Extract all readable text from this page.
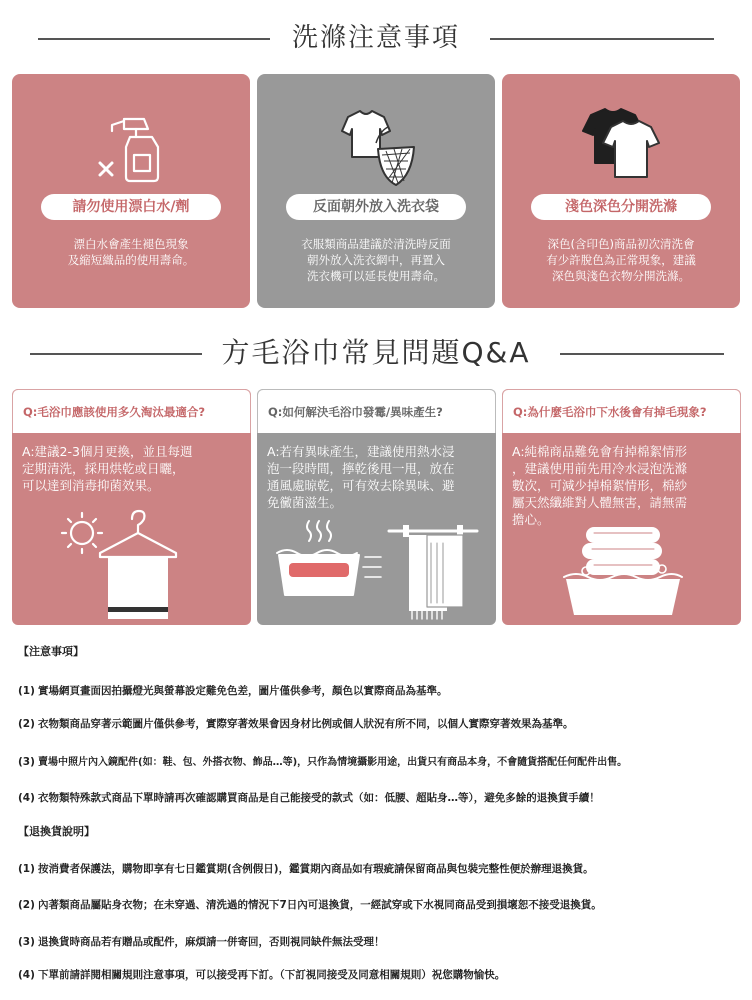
洗滌注意事項
請勿使用漂白水/劑
漂白水會產生褪色現象
及縮短織品的使用壽命。
反面朝外放入洗衣袋
衣服類商品建議於清洗時反面
朝外放入洗衣網中，再置入
洗衣機可以延長使用壽命。
淺色深色分開洗滌
深色(含印色)商品初次清洗會
有少許脫色為正常現象，建議
深色與淺色衣物分開洗滌。
方毛浴巾常見問題Q&A
Q:毛浴巾應該使用多久淘汰最適合?
A:建議2-3個月更換，並且每週
定期清洗，採用烘乾或日曬，
可以達到消毒抑菌效果。
Q:如何解決毛浴巾發霉/異味產生?
A:若有異味產生，建議使用熱水浸
泡一段時間，擰乾後甩一甩，放在
通風處晾乾，可有效去除異味、避
免黴菌滋生。
Q:為什麼毛浴巾下水後會有掉毛現象?
A:純棉商品難免會有掉棉絮情形
，建議使用前先用冷水浸泡洗滌
數次，可減少掉棉絮情形，棉紗
屬天然纖維對人體無害，請無需
擔心。
【注意事項】
(1) 實場網頁畫面因拍攝燈光與螢幕設定難免色差，圖片僅供參考，顏色以實際商品為基準。
(2) 衣物類商品穿著示範圖片僅供參考，實際穿著效果會因身材比例或個人狀況有所不同，以個人實際穿著效果為基準。
(3) 賣場中照片內入鏡配件(如：鞋、包、外搭衣物、飾品…等)，只作為情境攝影用途，出貨只有商品本身，不會隨貨搭配任何配件出售。
(4) 衣物類特殊款式商品下單時請再次確認購買商品是自己能接受的款式（如：低腰、超貼身…等），避免多餘的退換貨手續！
【退換貨說明】
(1) 按消費者保護法，購物即享有七日鑑賞期(含例假日)，鑑賞期內商品如有瑕疵請保留商品與包裝完整性便於辦理退換貨。
(2) 內著類商品屬貼身衣物；在未穿過、清洗過的情況下7日內可退換貨，一經試穿或下水視同商品受到損壞恕不接受退換貨。
(3) 退換貨時商品若有贈品或配件，麻煩請一併寄回，否則視同缺件無法受理！
(4) 下單前請詳閱相關規則注意事項，可以接受再下訂。（下訂視同接受及同意相關規則）祝您購物愉快。
